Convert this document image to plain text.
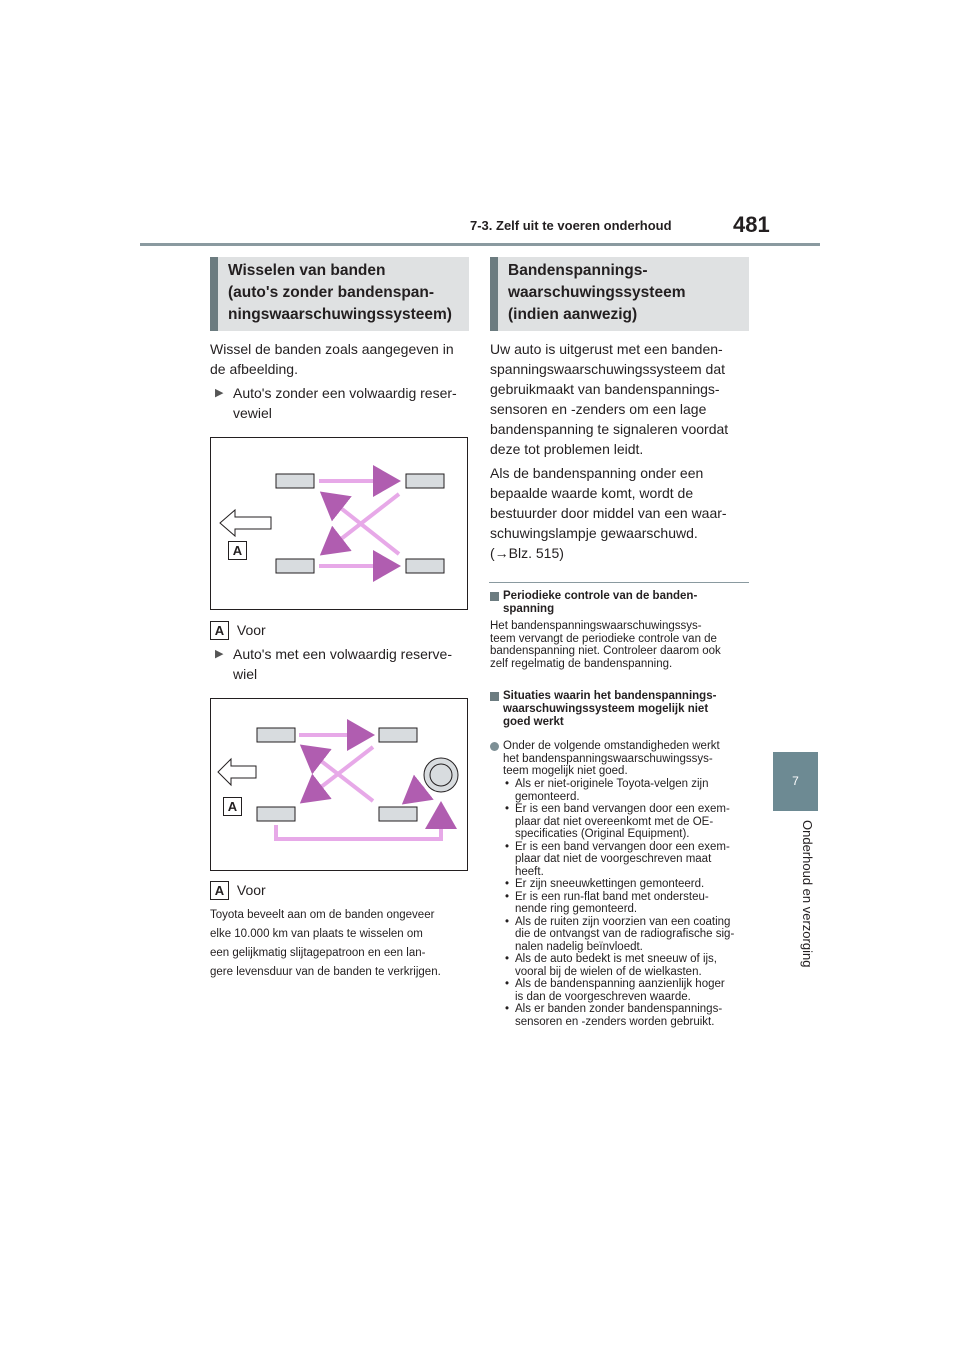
7-3. Zelf uit te voeren onderhoud	481
7
Onderhoud en verzorging
Wisselen van banden
(auto's zonder bandenspan-
ningswaarschuwingssysteem)
Wissel de banden zoals aangegeven in
de afbeelding.
▶ Auto's zonder een volwaardig reser-
vewiel
A
A Voor
▶ Auto's met een volwaardig reserve-
wiel
A
A Voor
Toyota beveelt aan om de banden ongeveer
elke 10.000 km van plaats te wisselen om
een gelijkmatig slijtagepatroon en een lan-
gere levensduur van de banden te verkrijgen.
Bandenspannings-
waarschuwingssysteem
(indien aanwezig)
Uw auto is uitgerust met een banden-
spanningswaarschuwingssysteem dat
gebruikmaakt van bandenspannings-
sensoren en -zenders om een lage
bandenspanning te signaleren voordat
deze tot problemen leidt.
Als de bandenspanning onder een
bepaalde waarde komt, wordt de
bestuurder door middel van een waar-
schuwingslampje gewaarschuwd.
(→Blz. 515)
Periodieke controle van de banden-
spanning
Het bandenspanningswaarschuwingssys-
teem vervangt de periodieke controle van de
bandenspanning niet. Controleer daarom ook
zelf regelmatig de bandenspanning.
Situaties waarin het bandenspannings-
waarschuwingssysteem mogelijk niet
goed werkt
Onder de volgende omstandigheden werkt
het bandenspanningswaarschuwingssys-
teem mogelijk niet goed.
• Als er niet-originele Toyota-velgen zijn
gemonteerd.
• Er is een band vervangen door een exem-
plaar dat niet overeenkomt met de OE-
specificaties (Original Equipment).
• Er is een band vervangen door een exem-
plaar dat niet de voorgeschreven maat
heeft.
• Er zijn sneeuwkettingen gemonteerd.
• Er is een run-flat band met ondersteu-
nende ring gemonteerd.
• Als de ruiten zijn voorzien van een coating
die de ontvangst van de radiografische sig-
nalen nadelig beïnvloedt.
• Als de auto bedekt is met sneeuw of ijs,
vooral bij de wielen of de wielkasten.
• Als de bandenspanning aanzienlijk hoger
is dan de voorgeschreven waarde.
• Als er banden zonder bandenspannings-
sensoren en -zenders worden gebruikt.
